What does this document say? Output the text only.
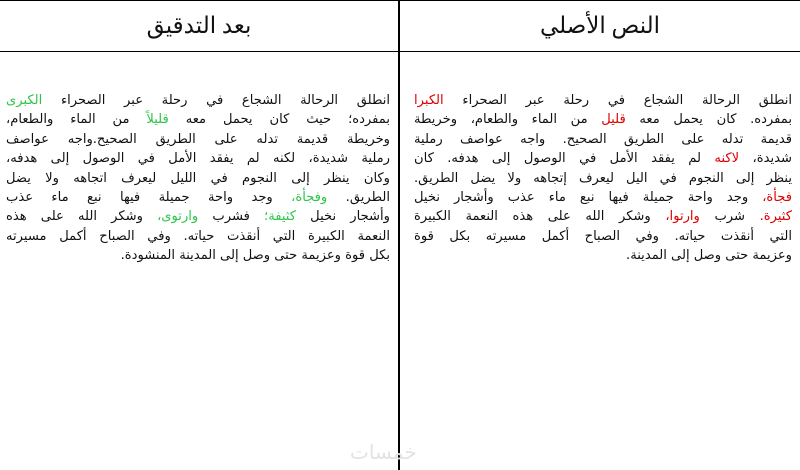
بعد التدقيق
انطلق الرحالة الشجاع في رحلة عبر الصحراء الكبرى
بمفرده؛ حيث كان يحمل معه قليلاً من الماء والطعام،
وخريطة قديمة تدله على الطريق الصحيح.واجه عواصف
رملية شديدة، لكنه لم يفقد الأمل في الوصول إلى هدفه،
وكان ينظر إلى النجوم في الليل ليعرف اتجاهه ولا يضل
الطريق. وفجأة، وجد واحة جميلة فيها نبع ماء عذب
وأشجار نخيل كثيفة؛ فشرب وارتوى، وشكر الله على هذه
النعمة الكبيرة التي أنقذت حياته. وفي الصباح أكمل مسيرته
بكل قوة وعزيمة حتى وصل إلى المدينة المنشودة.
النص الأصلي
انطلق الرحالة الشجاع في رحلة عبر الصحراء الكبرا
بمفرده. كان يحمل معه قليل من الماء والطعام، وخريطة
قديمة تدله على الطريق الصحيح. واجه عواصف رملية
شديدة، لاكنه لم يفقد الأمل في الوصول إلى هدفه. كان
ينظر إلى النجوم في اليل ليعرف إتجاهه ولا يضل الطريق.
فجأة، وجد واحة جميلة فيها نبع ماء عذب وأشجار نخيل
كثيرة. شرب وارتوا، وشكر الله على هذه النعمة الكبيرة
التي أنقذت حياته. وفي الصباح أكمل مسيرته بكل قوة
وعزيمة حتى وصل إلى المدينة.
خمسات
